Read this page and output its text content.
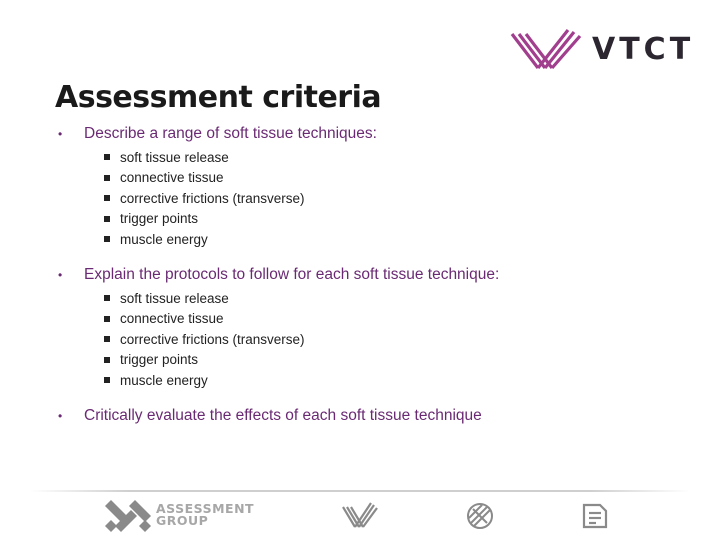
VTCT
Assessment criteria
•	Describe a range of soft tissue techniques:
soft tissue release
connective tissue
corrective frictions (transverse)
trigger points
muscle energy
•	Explain the protocols to follow for each soft tissue technique:
soft tissue release
connective tissue
corrective frictions (transverse)
trigger points
muscle energy
•	Critically evaluate the effects of each soft tissue technique
ASSESSMENT
GROUP
